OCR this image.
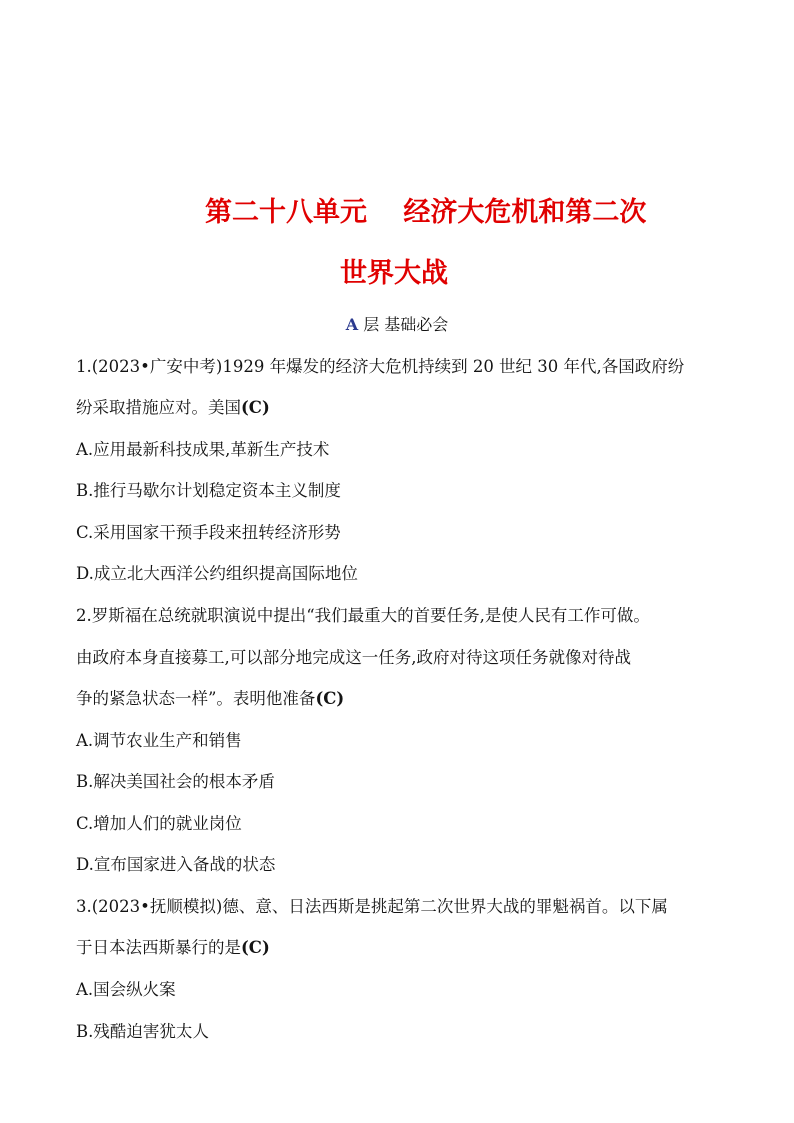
第二十八单元　 经济大危机和第二次
世界大战
A 层 基础必会
1.(2023•广安中考)1929 年爆发的经济大危机持续到 20 世纪 30 年代,各国政府纷
纷采取措施应对。美国(C)
A.应用最新科技成果,革新生产技术
B.推行马歇尔计划稳定资本主义制度
C.采用国家干预手段来扭转经济形势
D.成立北大西洋公约组织提高国际地位
2.罗斯福在总统就职演说中提出“我们最重大的首要任务,是使人民有工作可做。
由政府本身直接募工,可以部分地完成这一任务,政府对待这项任务就像对待战
争的紧急状态一样”。表明他准备(C)
A.调节农业生产和销售
B.解决美国社会的根本矛盾
C.增加人们的就业岗位
D.宣布国家进入备战的状态
3.(2023•抚顺模拟)德、意、日法西斯是挑起第二次世界大战的罪魁祸首。以下属
于日本法西斯暴行的是(C)
A.国会纵火案
B.残酷迫害犹太人
